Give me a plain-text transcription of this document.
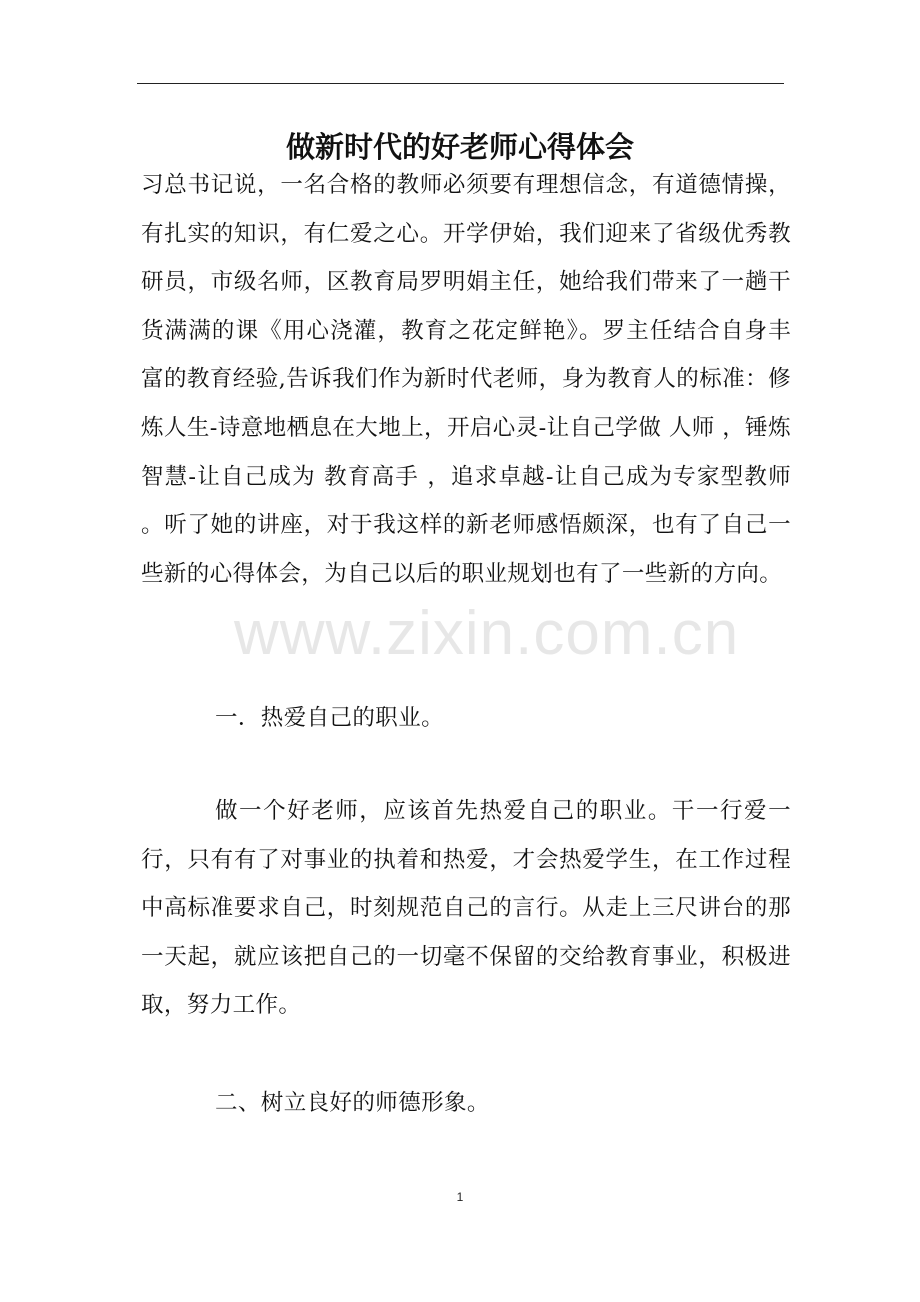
做新时代的好老师心得体会

习总书记说，一名合格的教师必须要有理想信念，有道德情操，有扎实的知识，有仁爱之心。开学伊始，我们迎来了省级优秀教研员，市级名师，区教育局罗明娟主任，她给我们带来了一趟干货满满的课《用心浇灌，教育之花定鲜艳》。罗主任结合自身丰富的教育经验,告诉我们作为新时代老师，身为教育人的标准：修炼人生-诗意地栖息在大地上，开启心灵-让自己学做 人师 ，锤炼智慧-让自己成为 教育高手 ，追求卓越-让自己成为专家型教师 。听了她的讲座，对于我这样的新老师感悟颇深，也有了自己一些新的心得体会，为自己以后的职业规划也有了一些新的方向。

www.zixin.com.cn

一．热爱自己的职业。

做一个好老师，应该首先热爱自己的职业。干一行爱一行，只有有了对事业的执着和热爱，才会热爱学生，在工作过程中高标准要求自己，时刻规范自己的言行。从走上三尺讲台的那一天起，就应该把自己的一切毫不保留的交给教育事业，积极进取，努力工作。

二、树立良好的师德形象。

1
